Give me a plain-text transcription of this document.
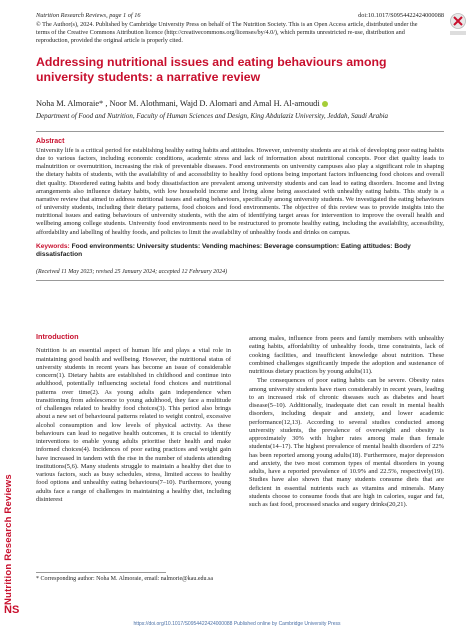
Nutrition Research Reviews
NS
Nutrition Research Reviews, page 1 of 16	doi:10.1017/S0954422424000088
© The Author(s), 2024. Published by Cambridge University Press on behalf of The Nutrition Society. This is an Open Access article, distributed under the terms of the Creative Commons Attribution licence (http://creativecommons.org/licenses/by/4.0/), which permits unrestricted re-use, distribution and reproduction, provided the original article is properly cited.
Addressing nutritional issues and eating behaviours among university students: a narrative review
Noha M. Almoraie* , Noor M. Alothmani, Wajd D. Alomari and Amal H. Al-amoudi
Department of Food and Nutrition, Faculty of Human Sciences and Design, King Abdulaziz University, Jeddah, Saudi Arabia
Abstract
University life is a critical period for establishing healthy eating habits and attitudes. However, university students are at risk of developing poor eating habits due to various factors, including economic conditions, academic stress and lack of information about nutritional concepts. Poor diet quality leads to malnutrition or overnutrition, increasing the risk of preventable diseases. Food environments on university campuses also play a significant role in shaping the dietary habits of students, with the availability of and accessibility to healthy food options being important factors influencing food choices and overall diet quality. Disordered eating habits and body dissatisfaction are prevalent among university students and can lead to eating disorders. Income and living arrangements also influence dietary habits, with low household income and living alone being associated with unhealthy eating habits. This study is a narrative review that aimed to address nutritional issues and eating behaviours, specifically among university students. We investigated the eating behaviours of university students, including their dietary patterns, food choices and food environments. The objective of this review was to provide insights into the nutritional issues and eating behaviours of university students, with the aim of identifying target areas for intervention to improve the overall health and wellbeing among college students. University food environments need to be restructured to promote healthy eating, including the availability, accessibility, affordability and labelling of healthy foods, and policies to limit the availability of unhealthy foods and drinks on campus.
Keywords: Food environments: University students: Vending machines: Beverage consumption: Eating attitudes: Body dissatisfaction
(Received 11 May 2023; revised 25 January 2024; accepted 12 February 2024)
Introduction

Nutrition is an essential aspect of human life and plays a vital role in maintaining good health and wellbeing. However, the nutritional status of university students in recent years has become an issue of considerable concern(1). Dietary habits are established in childhood and continue into adulthood, potentially influencing societal food choices and nutritional patterns over time(2). As young adults gain independence when transitioning from adolescence to young adulthood, they face a multitude of challenges related to healthy food choices(3). This period also brings about a new set of behavioural patterns related to weight control, excessive alcohol consumption and low levels of physical activity. As these behaviours can lead to negative health outcomes, it is crucial to identify interventions to enable young adults prioritise their health and make informed choices(4). Incidences of poor eating practices and weight gain have increased in tandem with the rise in the number of students attending institutions(5,6). Many students struggle to maintain a healthy diet due to various factors, such as busy schedules, stress, limited access to healthy food options and unhealthy eating behaviours(7–10). Furthermore, young adults face a range of challenges in maintaining a healthy diet, including disinterest

among males, influence from peers and family members with unhealthy eating habits, affordability of unhealthy foods, time constraints, lack of cooking facilities, and insufficient knowledge about nutrition. These combined challenges significantly impede the adoption and sustenance of nutritious dietary practices by young adults(11).

The consequences of poor eating habits can be severe. Obesity rates among university students have risen considerably in recent years, leading to an increased risk of chronic diseases such as diabetes and heart disease(5–10). Additionally, inadequate diet can result in mental health disorders, including despair and anxiety, and lower academic performance(12,13). According to several studies conducted among university students, the prevalence of overweight and obesity is approximately 30% with higher rates among male than female students(14–17). The highest prevalence of mental health disorders of 22% has been reported among young adults(18). Furthermore, major depression and anxiety, the two most common types of mental disorders in young adults, have a reported prevalence of 10.9% and 22.5%, respectively(19). Studies have also shown that many students consume diets that are deficient in essential nutrients such as vitamins and minerals. Many students choose to consume foods that are high in calories, sugar and fat, such as fast food, processed snacks and sugary drinks(20,21).

* Corresponding author: Noha M. Almoraie, email: nalmorie@kau.edu.sa
https://doi.org/10.1017/S0954422424000088 Published online by Cambridge University Press
